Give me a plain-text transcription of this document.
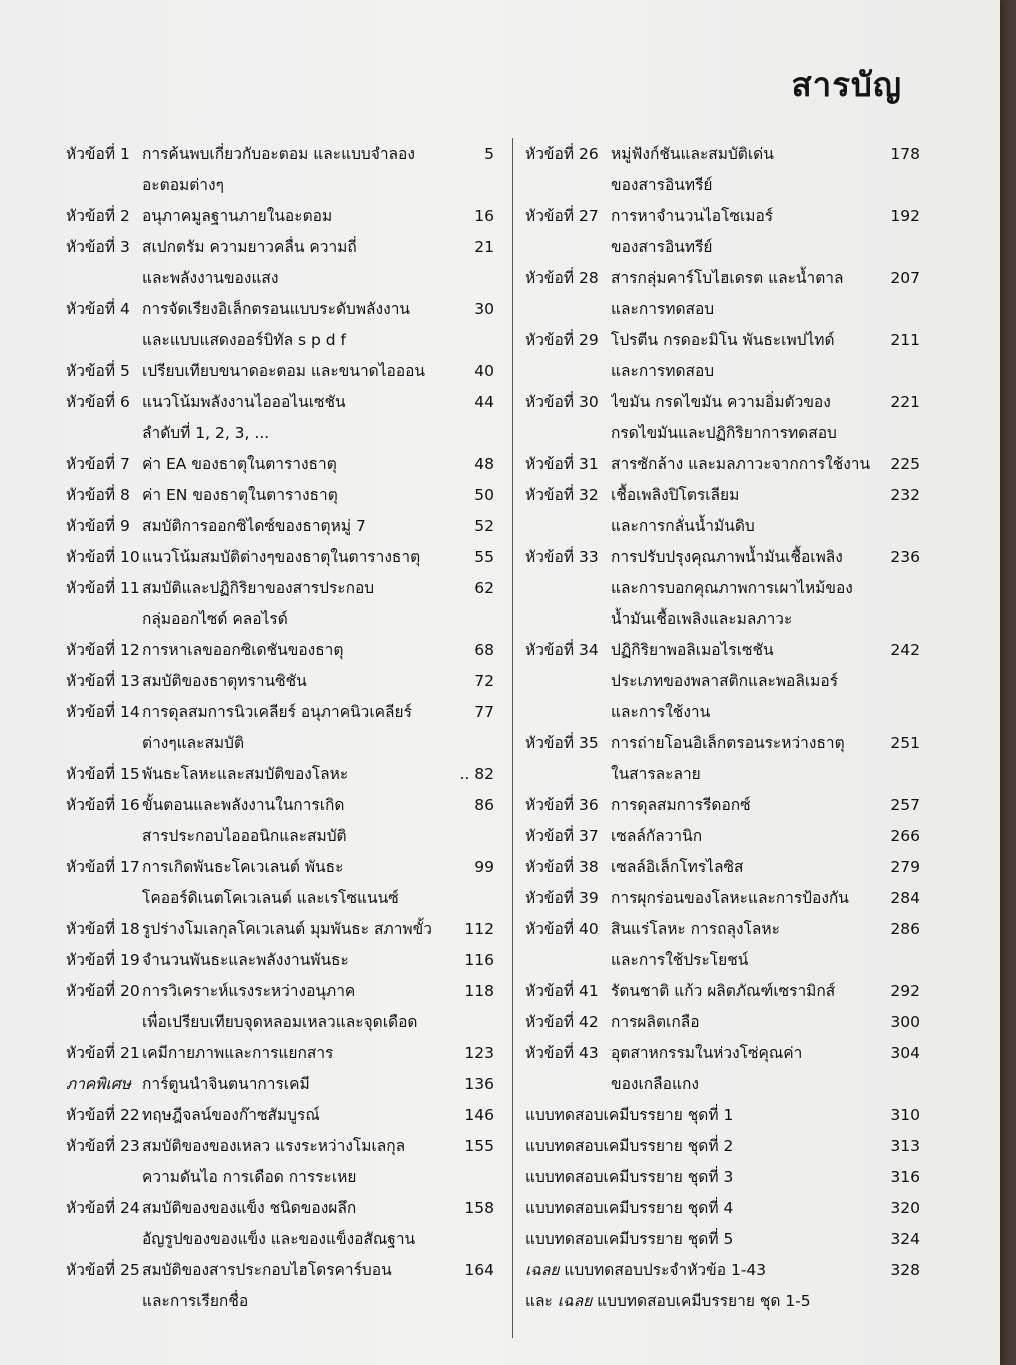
สารบัญ
หัวข้อที่ 1 การค้นพบเกี่ยวกับอะตอม และแบบจำลอง	5
อะตอมต่างๆ
หัวข้อที่ 2 อนุภาคมูลฐานภายในอะตอม	16
หัวข้อที่ 3 สเปกตรัม ความยาวคลื่น ความถี่	21
และพลังงานของแสง
หัวข้อที่ 4 การจัดเรียงอิเล็กตรอนแบบระดับพลังงาน	30
และแบบแสดงออร์บิทัล s p d f
หัวข้อที่ 5 เปรียบเทียบขนาดอะตอม และขนาดไอออน	40
หัวข้อที่ 6 แนวโน้มพลังงานไอออไนเซชัน	44
ลำดับที่ 1, 2, 3, ...
หัวข้อที่ 7 ค่า EA ของธาตุในตารางธาตุ	48
หัวข้อที่ 8 ค่า EN ของธาตุในตารางธาตุ	50
หัวข้อที่ 9 สมบัติการออกซิไดซ์ของธาตุหมู่ 7	52
หัวข้อที่ 10 แนวโน้มสมบัติต่างๆของธาตุในตารางธาตุ	55
หัวข้อที่ 11 สมบัติและปฏิกิริยาของสารประกอบ	62
กลุ่มออกไซด์ คลอไรด์
หัวข้อที่ 12 การหาเลขออกซิเดชันของธาตุ	68
หัวข้อที่ 13 สมบัติของธาตุทรานซิชัน	72
หัวข้อที่ 14 การดุลสมการนิวเคลียร์ อนุภาคนิวเคลียร์	77
ต่างๆและสมบัติ
หัวข้อที่ 15 พันธะโลหะและสมบัติของโลหะ	.. 82
หัวข้อที่ 16 ขั้นตอนและพลังงานในการเกิด	86
สารประกอบไอออนิกและสมบัติ
หัวข้อที่ 17 การเกิดพันธะโคเวเลนต์ พันธะ	99
โคออร์ดิเนตโคเวเลนต์ และเรโซแนนซ์
หัวข้อที่ 18 รูปร่างโมเลกุลโคเวเลนต์ มุมพันธะ สภาพขั้ว	112
หัวข้อที่ 19 จำนวนพันธะและพลังงานพันธะ	116
หัวข้อที่ 20 การวิเคราะห์แรงระหว่างอนุภาค	118
เพื่อเปรียบเทียบจุดหลอมเหลวและจุดเดือด
หัวข้อที่ 21 เคมีกายภาพและการแยกสาร	123
ภาคพิเศษ การ์ตูนนำจินตนาการเคมี	136
หัวข้อที่ 22 ทฤษฎีจลน์ของก๊าซสัมบูรณ์	146
หัวข้อที่ 23 สมบัติของของเหลว แรงระหว่างโมเลกุล	155
ความดันไอ การเดือด การระเหย
หัวข้อที่ 24 สมบัติของของแข็ง ชนิดของผลึก	158
อัญรูปของของแข็ง และของแข็งอสัณฐาน
หัวข้อที่ 25 สมบัติของสารประกอบไฮโดรคาร์บอน	164
และการเรียกชื่อ
หัวข้อที่ 26 หมู่ฟังก์ชันและสมบัติเด่น	178
ของสารอินทรีย์
หัวข้อที่ 27 การหาจำนวนไอโซเมอร์	192
ของสารอินทรีย์
หัวข้อที่ 28 สารกลุ่มคาร์โบไฮเดรต และน้ำตาล	207
และการทดสอบ
หัวข้อที่ 29 โปรตีน กรดอะมิโน พันธะเพปไทด์	211
และการทดสอบ
หัวข้อที่ 30 ไขมัน กรดไขมัน ความอิ่มตัวของ	221
กรดไขมันและปฏิกิริยาการทดสอบ
หัวข้อที่ 31 สารซักล้าง และมลภาวะจากการใช้งาน	225
หัวข้อที่ 32 เชื้อเพลิงปิโตรเลียม	232
และการกลั่นน้ำมันดิบ
หัวข้อที่ 33 การปรับปรุงคุณภาพน้ำมันเชื้อเพลิง	236
และการบอกคุณภาพการเผาไหม้ของ
น้ำมันเชื้อเพลิงและมลภาวะ
หัวข้อที่ 34 ปฏิกิริยาพอลิเมอไรเซชัน	242
ประเภทของพลาสติกและพอลิเมอร์
และการใช้งาน
หัวข้อที่ 35 การถ่ายโอนอิเล็กตรอนระหว่างธาตุ	251
ในสารละลาย
หัวข้อที่ 36 การดุลสมการรีดอกซ์	257
หัวข้อที่ 37 เซลล์กัลวานิก	266
หัวข้อที่ 38 เซลล์อิเล็กโทรไลซิส	279
หัวข้อที่ 39 การผุกร่อนของโลหะและการป้องกัน	284
หัวข้อที่ 40 สินแร่โลหะ การถลุงโลหะ	286
และการใช้ประโยชน์
หัวข้อที่ 41 รัตนชาติ แก้ว ผลิตภัณฑ์เซรามิกส์	292
หัวข้อที่ 42 การผลิตเกลือ	300
หัวข้อที่ 43 อุตสาหกรรมในห่วงโซ่คุณค่า	304
ของเกลือแกง
แบบทดสอบเคมีบรรยาย ชุดที่ 1	310
แบบทดสอบเคมีบรรยาย ชุดที่ 2	313
แบบทดสอบเคมีบรรยาย ชุดที่ 3	316
แบบทดสอบเคมีบรรยาย ชุดที่ 4	320
แบบทดสอบเคมีบรรยาย ชุดที่ 5	324
เฉลย แบบทดสอบประจำหัวข้อ 1-43	328
และ เฉลย แบบทดสอบเคมีบรรยาย ชุด 1-5
